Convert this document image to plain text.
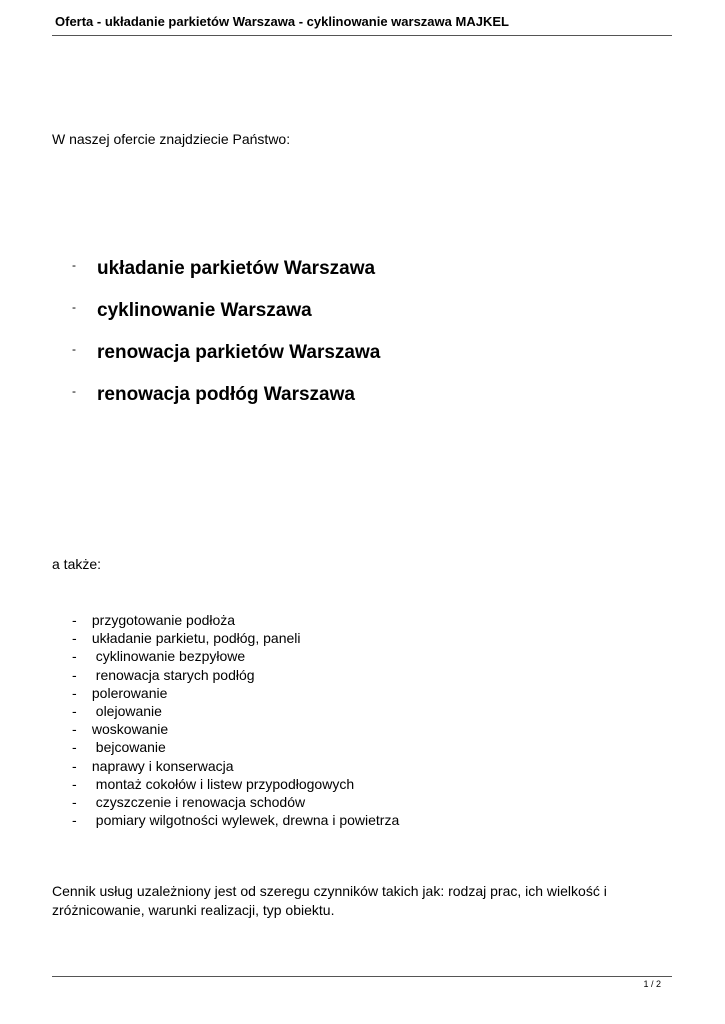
Oferta - układanie parkietów Warszawa - cyklinowanie warszawa MAJKEL
W naszej ofercie znajdziecie Państwo:
- układanie parkietów Warszawa
- cyklinowanie Warszawa
- renowacja parkietów Warszawa
- renowacja podłóg Warszawa
a także:
- przygotowanie podłoża
- układanie parkietu, podłóg, paneli
- cyklinowanie bezpyłowe
- renowacja starych podłóg
- polerowanie
- olejowanie
- woskowanie
- bejcowanie
- naprawy i konserwacja
- montaż cokołów i listew przypodłogowych
- czyszczenie i renowacja schodów
- pomiary wilgotności wylewek, drewna i powietrza
Cennik usług uzależniony jest od szeregu czynników takich jak: rodzaj prac, ich wielkość i zróżnicowanie, warunki realizacji, typ obiektu.
1 / 2
